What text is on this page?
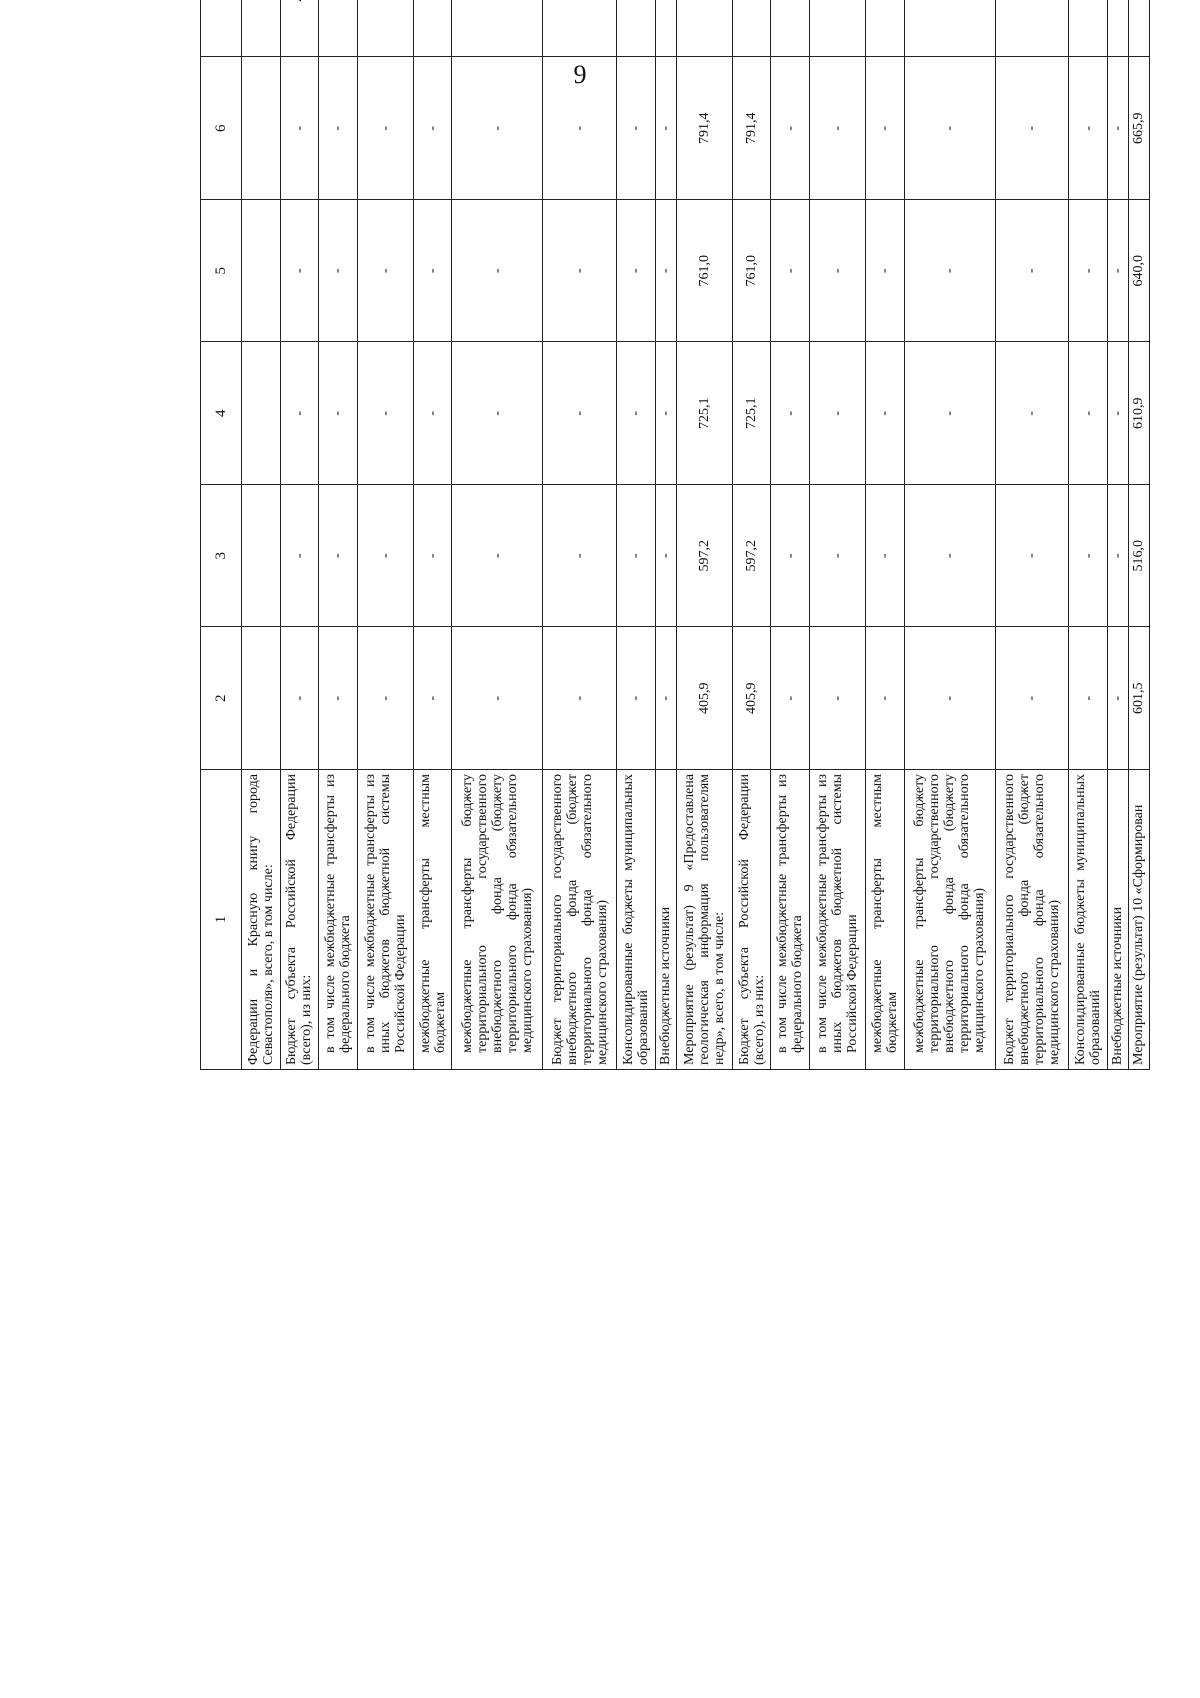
9
1	2	3	4	5	6			
Федерации и Красную книгу города Севастополя», всего, в том числе:								
Бюджет субъекта Российской Федерации (всего), из них:	-	-	-	-	-			
в том числе межбюджетные трансферты из федерального бюджета	-	-	-	-	-			
в том числе межбюджетные трансферты из иных бюджетов бюджетной системы Российской Федерации	-	-	-	-	-			
межбюджетные трансферты местным бюджетам	-	-	-	-	-			
межбюджетные трансферты бюджету территориального государственного внебюджетного фонда (бюджету территориального фонда обязательного медицинского страхования)	-	-	-	-	-			
Бюджет территориального государственного внебюджетного фонда (бюджет территориального фонда обязательного медицинского страхования)	-	-	-	-	-			
Консолидированные бюджеты муниципальных образований	-	-	-	-	-			
Внебюджетные источники	-	-	-	-	-			
Мероприятие (результат) 9 «Предоставлена геологическая информация пользователям недр», всего, в том числе:	405,9	597,2	725,1	761,0	791,4			
Бюджет субъекта Российской Федерации (всего), из них:	405,9	597,2	725,1	761,0	791,4			
в том числе межбюджетные трансферты из федерального бюджета	-	-	-	-	-			
в том числе межбюджетные трансферты из иных бюджетов бюджетной системы Российской Федерации	-	-	-	-	-			
межбюджетные трансферты местным бюджетам	-	-	-	-	-			
межбюджетные трансферты бюджету территориального государственного внебюджетного фонда (бюджету территориального фонда обязательного медицинского страхования)	-	-	-	-	-			
Бюджет территориального государственного внебюджетного фонда (бюджет территориального фонда обязательного медицинского страхования)	-	-	-	-	-			
Консолидированные бюджеты муниципальных образований	-	-	-	-	-			
Внебюджетные источники	-	-	-	-	-			
Мероприятие (результат) 10 «Сформирован	601,5	516,0	610,9	640,0	665,9			
